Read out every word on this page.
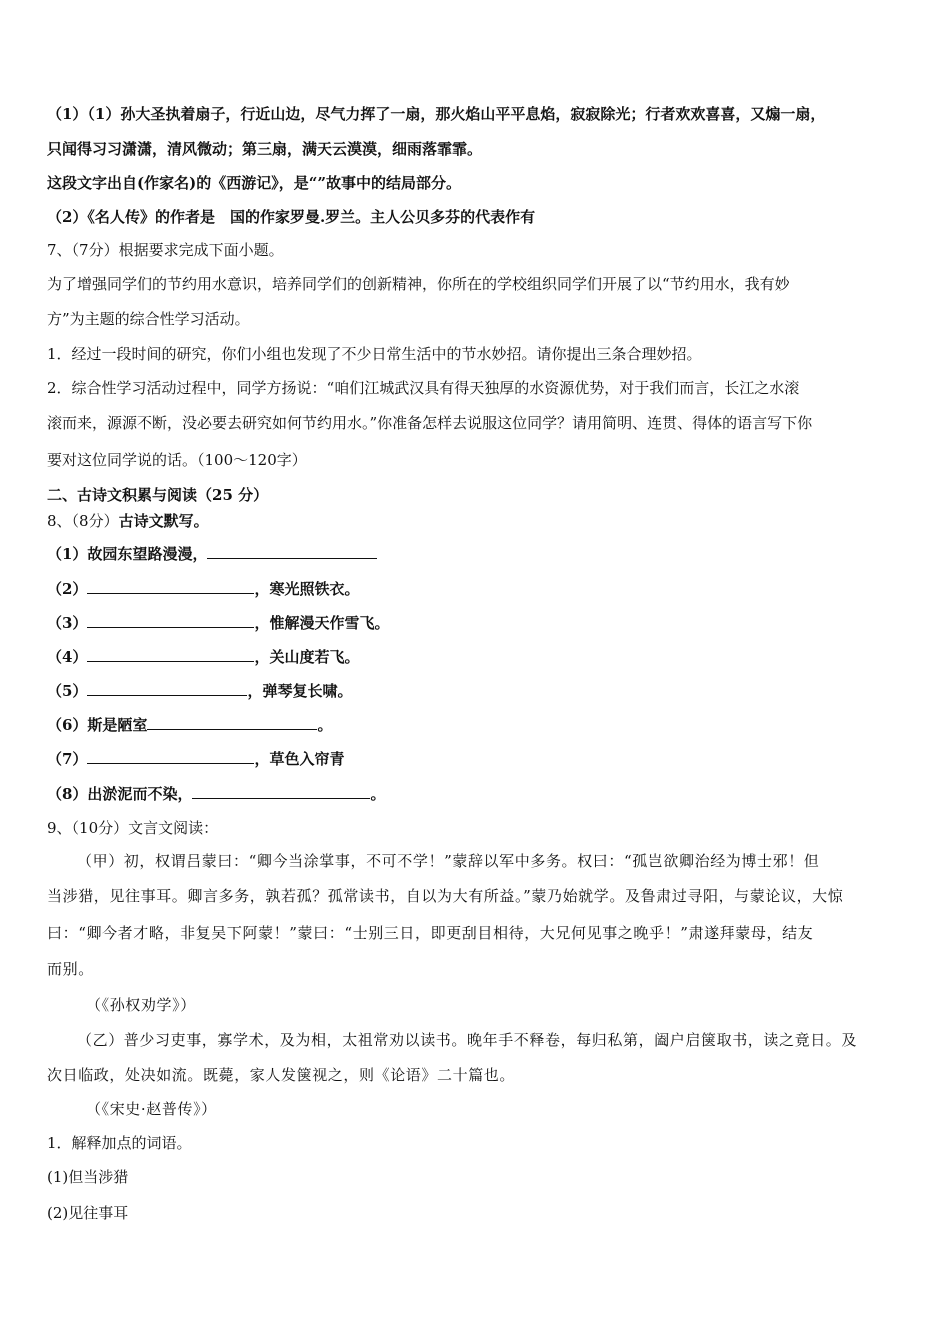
（1）（1）孙大圣执着扇子，行近山边，尽气力挥了一扇，那火焰山平平息焰，寂寂除光；行者欢欢喜喜，又煽一扇，
只闻得习习潇潇，清风微动；第三扇，满天云漠漠，细雨落霏霏。
这段文字出自(作家名)的《西游记》，是“”故事中的结局部分。
（2）《名人传》的作者是　国的作家罗曼.罗兰。主人公贝多芬的代表作有
7、（7分）根据要求完成下面小题。
为了增强同学们的节约用水意识，培养同学们的创新精神，你所在的学校组织同学们开展了以“节约用水，我有妙
方”为主题的综合性学习活动。
1．经过一段时间的研究，你们小组也发现了不少日常生活中的节水妙招。请你提出三条合理妙招。
2．综合性学习活动过程中，同学方扬说：“咱们江城武汉具有得天独厚的水资源优势，对于我们而言，长江之水滚
滚而来，源源不断，没必要去研究如何节约用水。”你准备怎样去说服这位同学？请用简明、连贯、得体的语言写下你
要对这位同学说的话。（100～120字）
二、古诗文积累与阅读（25 分）
8、（8分）古诗文默写。
（1）故园东望路漫漫，
（2）	，寒光照铁衣。
（3）	，惟解漫天作雪飞。
（4）	，关山度若飞。
（5）	，弹琴复长啸。
（6）斯是陋室	。
（7）	，草色入帘青
（8）出淤泥而不染，	。
9、（10分）文言文阅读：
（甲）初，权谓吕蒙曰：“卿今当涂掌事，不可不学！”蒙辞以军中多务。权曰：“孤岂欲卿治经为博士邪！但
当涉猎，见往事耳。卿言多务，孰若孤？孤常读书，自以为大有所益。”蒙乃始就学。及鲁肃过寻阳，与蒙论议，大惊
曰：“卿今者才略，非复吴下阿蒙！”蒙曰：“士别三日，即更刮目相待，大兄何见事之晚乎！”肃遂拜蒙母，结友
而别。
（《孙权劝学》）
（乙）普少习吏事，寡学术，及为相，太祖常劝以读书。晚年手不释卷，每归私第，阖户启箧取书，读之竟日。及
次日临政，处决如流。既薨，家人发箧视之，则《论语》二十篇也。
（《宋史·赵普传》）
1．解释加点的词语。
(1)但当涉猎
(2)见往事耳
